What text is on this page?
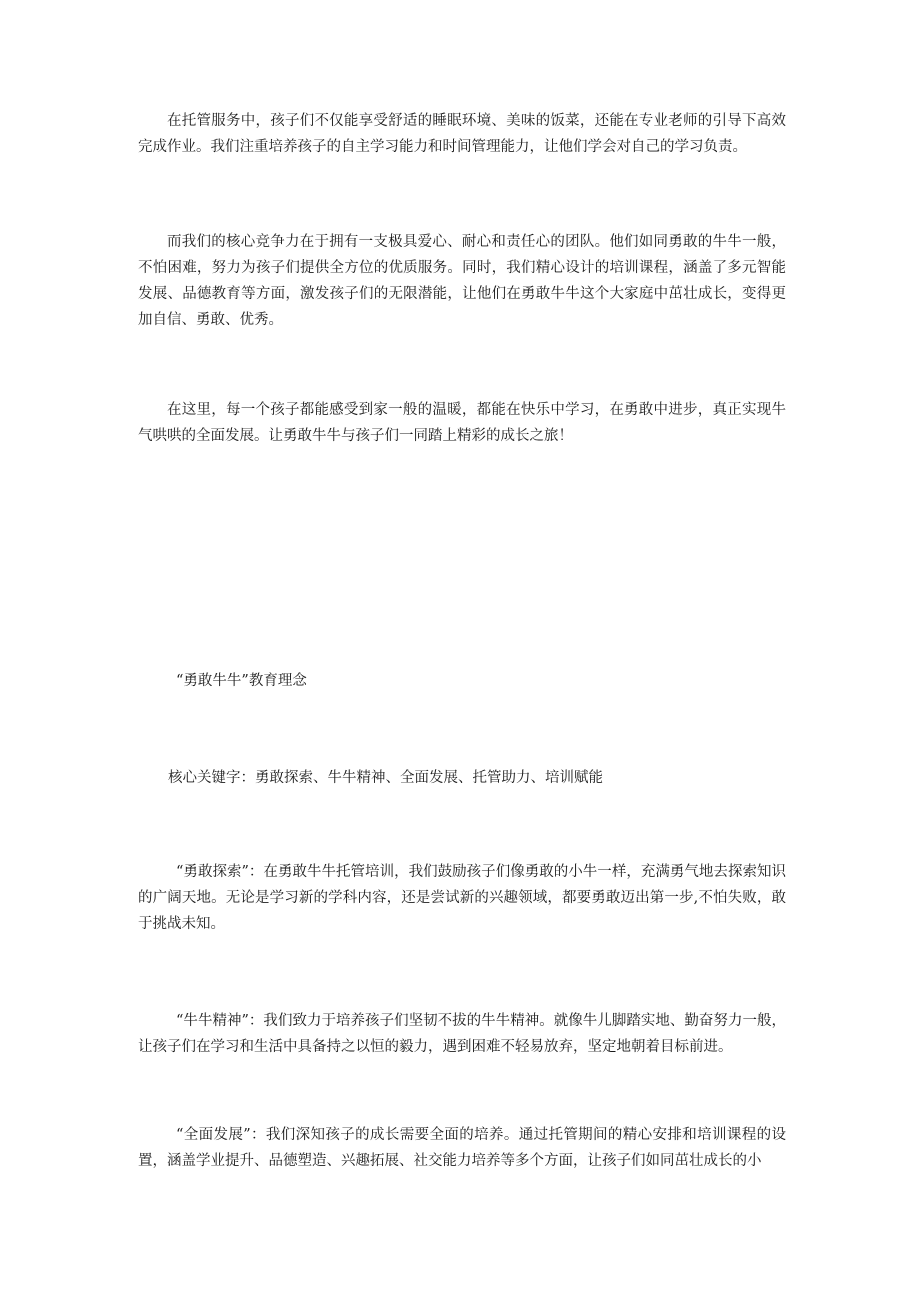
在托管服务中，孩子们不仅能享受舒适的睡眠环境、美味的饭菜，还能在专业老师的引导下高效完成作业。我们注重培养孩子的自主学习能力和时间管理能力，让他们学会对自己的学习负责。

而我们的核心竞争力在于拥有一支极具爱心、耐心和责任心的团队。他们如同勇敢的牛牛一般，不怕困难，努力为孩子们提供全方位的优质服务。同时，我们精心设计的培训课程，涵盖了多元智能发展、品德教育等方面，激发孩子们的无限潜能，让他们在勇敢牛牛这个大家庭中茁壮成长，变得更加自信、勇敢、优秀。

在这里，每一个孩子都能感受到家一般的温暖，都能在快乐中学习，在勇敢中进步，真正实现牛气哄哄的全面发展。让勇敢牛牛与孩子们一同踏上精彩的成长之旅！

“勇敢牛牛”教育理念

核心关键字：勇敢探索、牛牛精神、全面发展、托管助力、培训赋能

“勇敢探索”：在勇敢牛牛托管培训，我们鼓励孩子们像勇敢的小牛一样，充满勇气地去探索知识的广阔天地。无论是学习新的学科内容，还是尝试新的兴趣领域，都要勇敢迈出第一步,不怕失败，敢于挑战未知。

“牛牛精神”：我们致力于培养孩子们坚韧不拔的牛牛精神。就像牛儿脚踏实地、勤奋努力一般，让孩子们在学习和生活中具备持之以恒的毅力，遇到困难不轻易放弃，坚定地朝着目标前进。

“全面发展”：我们深知孩子的成长需要全面的培养。通过托管期间的精心安排和培训课程的设置，涵盖学业提升、品德塑造、兴趣拓展、社交能力培养等多个方面，让孩子们如同茁壮成长的小
